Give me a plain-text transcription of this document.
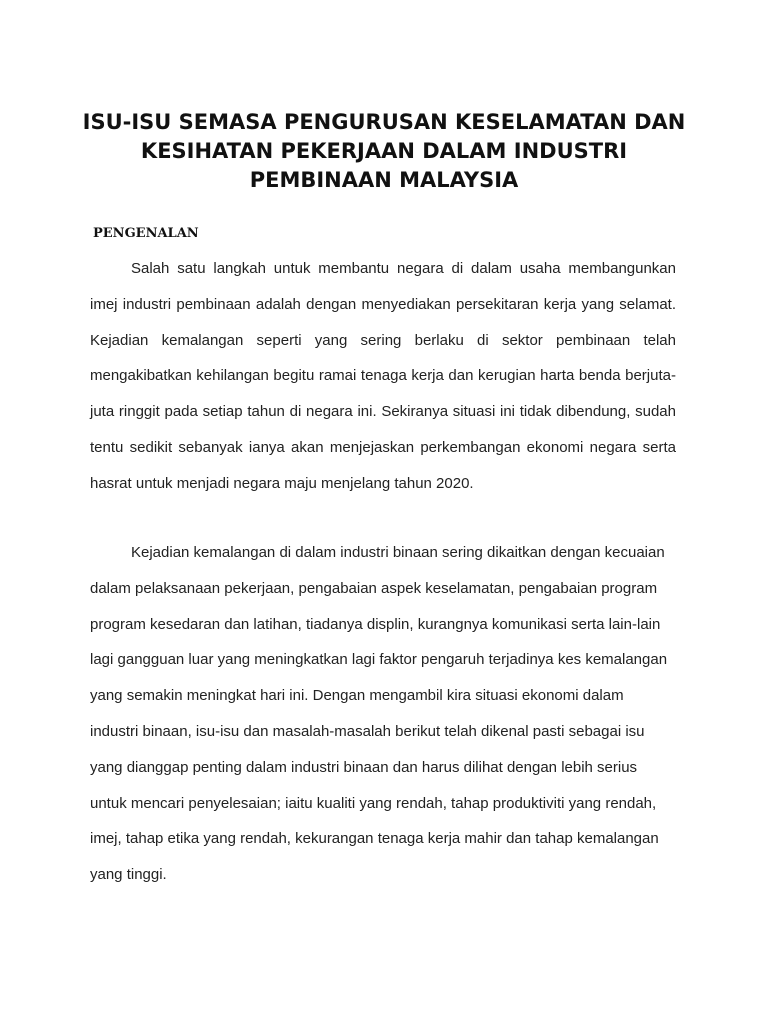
ISU-ISU SEMASA PENGURUSAN KESELAMATAN DAN
KESIHATAN PEKERJAAN DALAM INDUSTRI
PEMBINAAN MALAYSIA
PENGENALAN
Salah satu langkah untuk membantu negara di dalam usaha membangunkan
imej industri pembinaan adalah dengan menyediakan persekitaran kerja yang selamat.
Kejadian kemalangan seperti yang sering berlaku di sektor pembinaan telah
mengakibatkan kehilangan begitu ramai tenaga kerja dan kerugian harta benda berjuta-
juta ringgit pada setiap tahun di negara ini. Sekiranya situasi ini tidak dibendung, sudah
tentu sedikit sebanyak ianya akan menjejaskan perkembangan ekonomi negara serta
hasrat untuk menjadi negara maju menjelang tahun 2020.
Kejadian kemalangan di dalam industri binaan sering dikaitkan dengan kecuaian
dalam pelaksanaan pekerjaan, pengabaian aspek keselamatan, pengabaian program
program kesedaran dan latihan, tiadanya displin, kurangnya komunikasi serta lain-lain
lagi gangguan luar yang meningkatkan lagi faktor pengaruh terjadinya kes kemalangan
yang semakin meningkat hari ini. Dengan mengambil kira situasi ekonomi dalam
industri binaan, isu-isu dan masalah-masalah berikut telah dikenal pasti sebagai isu
yang dianggap penting dalam industri binaan dan harus dilihat dengan lebih serius
untuk mencari penyelesaian; iaitu kualiti yang rendah, tahap produktiviti yang rendah,
imej, tahap etika yang rendah, kekurangan tenaga kerja mahir dan tahap kemalangan
yang tinggi.
